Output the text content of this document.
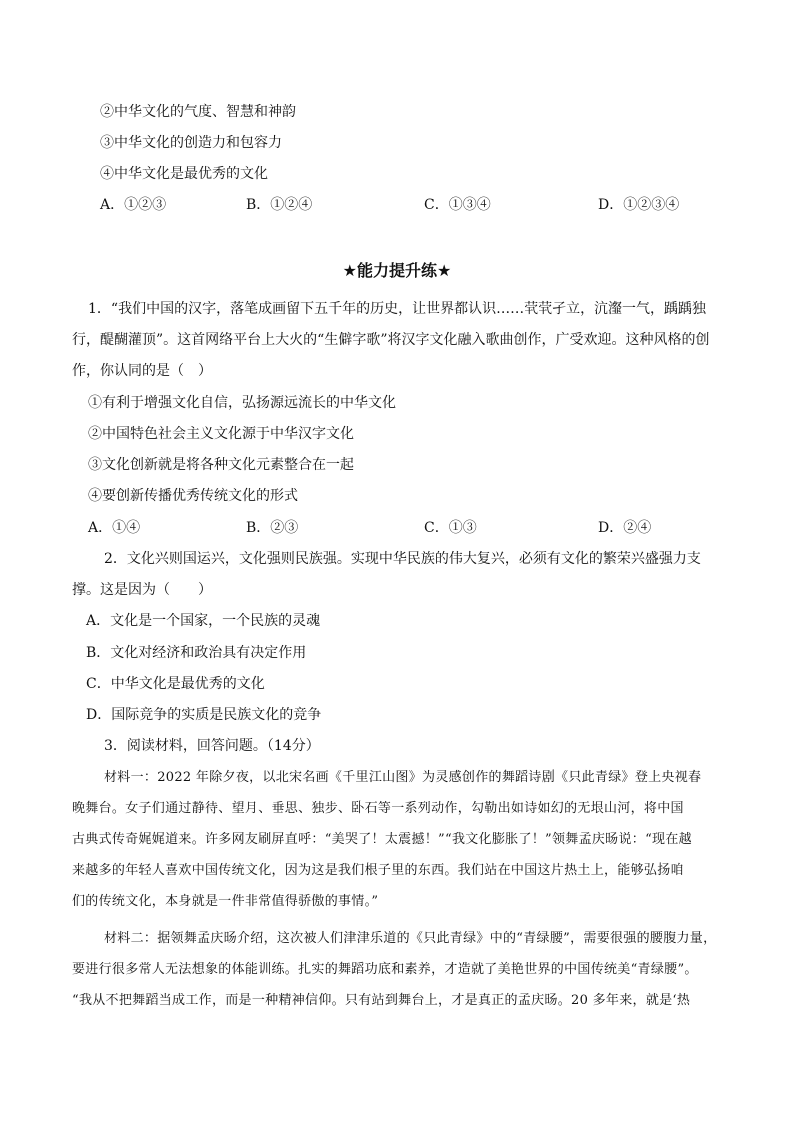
②中华文化的气度、智慧和神韵
③中华文化的创造力和包容力
④中华文化是最优秀的文化
A．①②③	B．①②④	C．①③④	D．①②③④
★能力提升练★
1．“我们中国的汉字，落笔成画留下五千年的历史，让世界都认识……茕茕孑立，沆瀣一气，踽踽独
行，醍醐灌顶”。这首网络平台上大火的“生僻字歌”将汉字文化融入歌曲创作，广受欢迎。这种风格的创
作，你认同的是（　）
①有利于增强文化自信，弘扬源远流长的中华文化
②中国特色社会主义文化源于中华汉字文化
③文化创新就是将各种文化元素整合在一起
④要创新传播优秀传统文化的形式
A．①④	B．②③	C．①③	D．②④
2．文化兴则国运兴，文化强则民族强。实现中华民族的伟大复兴，必须有文化的繁荣兴盛强力支
撑。这是因为（　　）
A．文化是一个国家，一个民族的灵魂
B．文化对经济和政治具有决定作用
C．中华文化是最优秀的文化
D．国际竞争的实质是民族文化的竞争
3．阅读材料，回答问题。（14分）
材料一：2022 年除夕夜，以北宋名画《千里江山图》为灵感创作的舞蹈诗剧《只此青绿》登上央视春
晚舞台。女子们通过静待、望月、垂思、独步、卧石等一系列动作，勾勒出如诗如幻的无垠山河，将中国
古典式传奇娓娓道来。许多网友刷屏直呼：“美哭了！太震撼！”“我文化膨胀了！”领舞孟庆旸说：“现在越
来越多的年轻人喜欢中国传统文化，因为这是我们根子里的东西。我们站在中国这片热土上，能够弘扬咱
们的传统文化，本身就是一件非常值得骄傲的事情。”
材料二：据领舞孟庆旸介绍，这次被人们津津乐道的《只此青绿》中的“青绿腰”，需要很强的腰腹力量，
要进行很多常人无法想象的体能训练。扎实的舞蹈功底和素养，才造就了美艳世界的中国传统美“青绿腰”。
“我从不把舞蹈当成工作，而是一种精神信仰。只有站到舞台上，才是真正的孟庆旸。20 多年来，就是‘热
